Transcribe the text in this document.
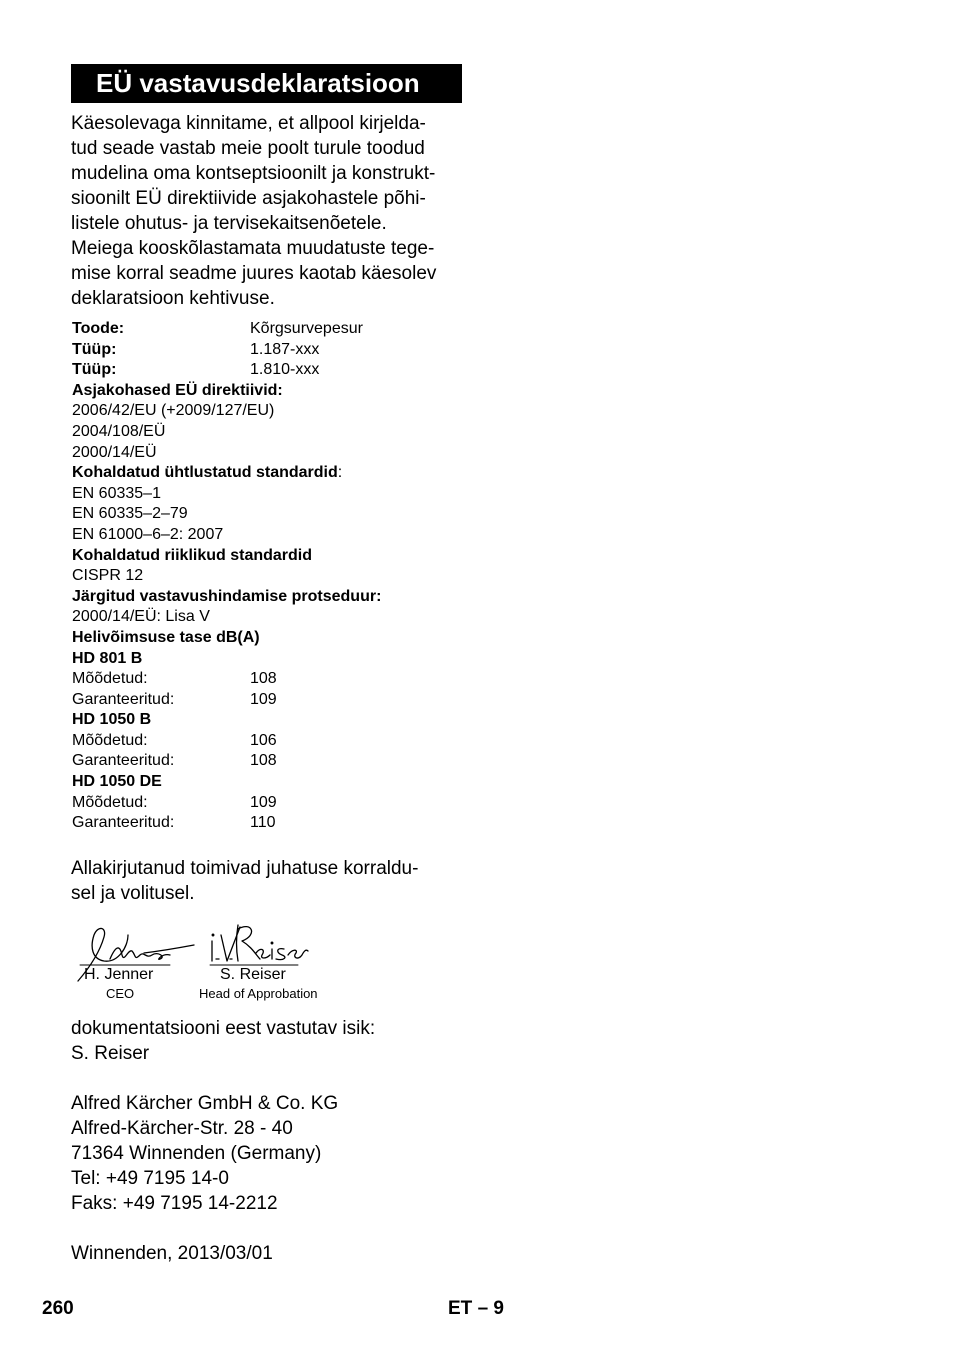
EÜ vastavusdeklaratsioon
Käesolevaga kinnitame, et allpool kirjelda-
tud seade vastab meie poolt turule toodud
mudelina oma kontseptsioonilt ja konstrukt-
sioonilt EÜ direktiivide asjakohastele põhi-
listele ohutus- ja tervisekaitsenõetele.
Meiega kooskõlastamata muudatuste tege-
mise korral seadme juures kaotab käesolev
deklaratsioon kehtivuse.
Toode:	Kõrgsurvepesur
Tüüp:	1.187-xxx
Tüüp:	1.810-xxx
Asjakohased EÜ direktiivid:
2006/42/EU (+2009/127/EU)
2004/108/EÜ
2000/14/EÜ
Kohaldatud ühtlustatud standardid:
EN 60335–1
EN 60335–2–79
EN 61000–6–2: 2007
Kohaldatud riiklikud standardid
CISPR 12
Järgitud vastavushindamise protseduur:
2000/14/EÜ: Lisa V
Helivõimsuse tase dB(A)
HD 801 B
Mõõdetud:	108
Garanteeritud:	109
HD 1050 B
Mõõdetud:	106
Garanteeritud:	108
HD 1050 DE
Mõõdetud:	109
Garanteeritud:	110
Allakirjutanud toimivad juhatuse korraldu-
sel ja volitusel.
H. Jenner
CEO
S. Reiser
Head of Approbation
dokumentatsiooni eest vastutav isik:
S. Reiser
Alfred Kärcher GmbH & Co. KG
Alfred-Kärcher-Str. 28 - 40
71364 Winnenden (Germany)
Tel: +49 7195 14-0
Faks: +49 7195 14-2212
Winnenden, 2013/03/01
260	ET – 9
